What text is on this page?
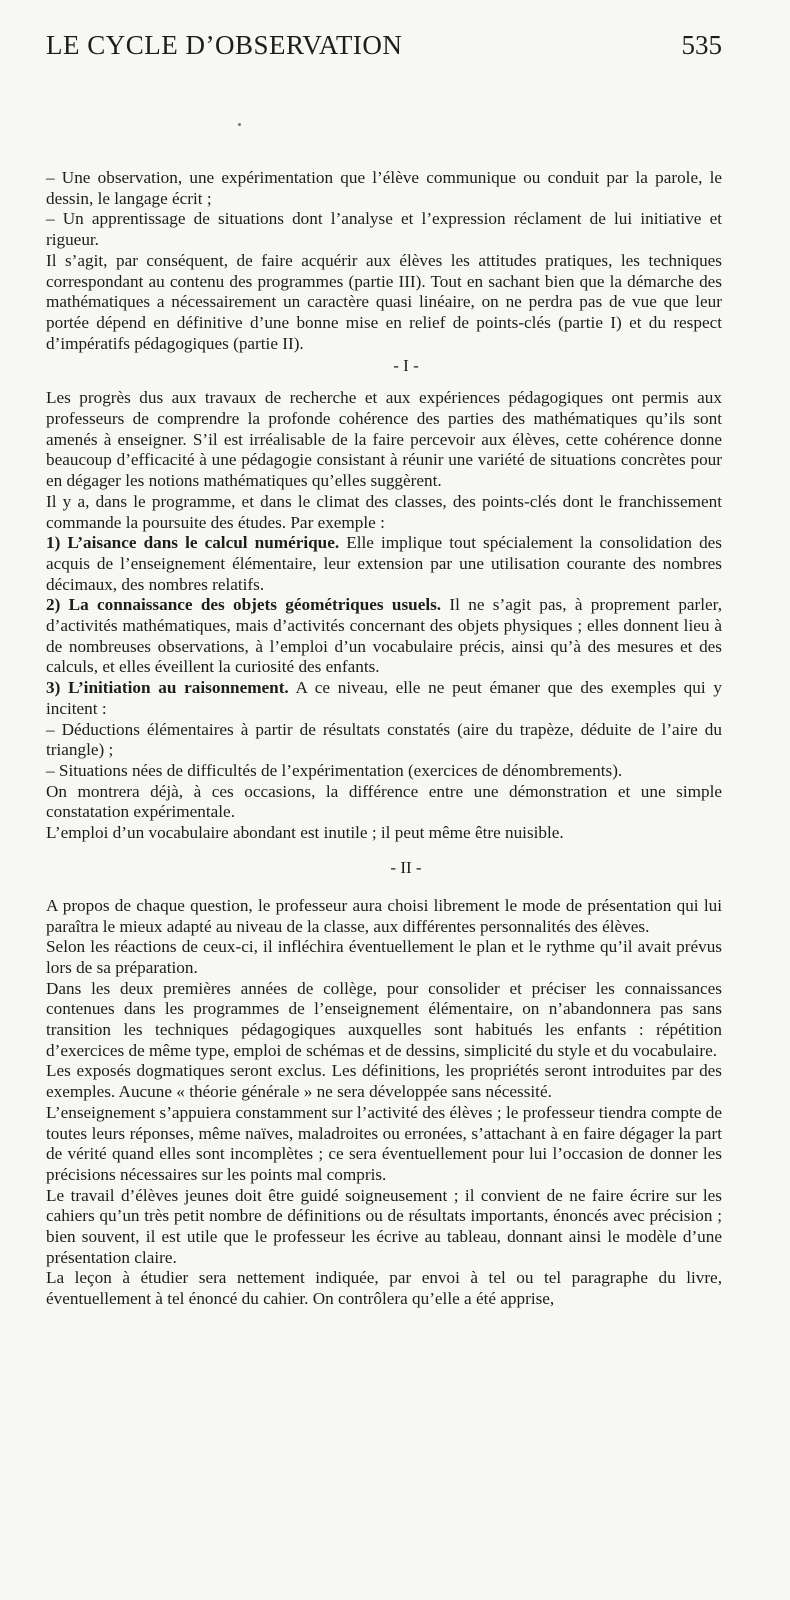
LE CYCLE D’OBSERVATION	535

– Une observation, une expérimentation que l’élève communique ou conduit par la parole, le dessin, le langage écrit ;

– Un apprentissage de situations dont l’analyse et l’expression réclament de lui initiative et rigueur.

Il s’agit, par conséquent, de faire acquérir aux élèves les attitudes pratiques, les techniques correspondant au contenu des programmes (partie III). Tout en sachant bien que la démarche des mathématiques a nécessairement un caractère quasi linéaire, on ne perdra pas de vue que leur portée dépend en définitive d’une bonne mise en relief de points-clés (partie I) et du respect d’impératifs pédagogiques (partie II).

- I -

Les progrès dus aux travaux de recherche et aux expériences pédagogiques ont permis aux professeurs de comprendre la profonde cohérence des parties des mathématiques qu’ils sont amenés à enseigner. S’il est irréalisable de la faire percevoir aux élèves, cette cohérence donne beaucoup d’efficacité à une pédagogie consistant à réunir une variété de situations concrètes pour en dégager les notions mathématiques qu’elles suggèrent.

Il y a, dans le programme, et dans le climat des classes, des points-clés dont le franchissement commande la poursuite des études. Par exemple :

1) L’aisance dans le calcul numérique. Elle implique tout spécialement la consolidation des acquis de l’enseignement élémentaire, leur extension par une utilisation courante des nombres décimaux, des nombres relatifs.

2) La connaissance des objets géométriques usuels. Il ne s’agit pas, à proprement parler, d’activités mathématiques, mais d’activités concernant des objets physiques ; elles donnent lieu à de nombreuses observations, à l’emploi d’un vocabulaire précis, ainsi qu’à des mesures et des calculs, et elles éveillent la curiosité des enfants.

3) L’initiation au raisonnement. A ce niveau, elle ne peut émaner que des exemples qui y incitent :

– Déductions élémentaires à partir de résultats constatés (aire du trapèze, déduite de l’aire du triangle) ;

– Situations nées de difficultés de l’expérimentation (exercices de dénombrements).

On montrera déjà, à ces occasions, la différence entre une démonstration et une simple constatation expérimentale.

L’emploi d’un vocabulaire abondant est inutile ; il peut même être nuisible.

- II -

A propos de chaque question, le professeur aura choisi librement le mode de présentation qui lui paraîtra le mieux adapté au niveau de la classe, aux différentes personnalités des élèves.

Selon les réactions de ceux-ci, il infléchira éventuellement le plan et le rythme qu’il avait prévus lors de sa préparation.

Dans les deux premières années de collège, pour consolider et préciser les connaissances contenues dans les programmes de l’enseignement élémentaire, on n’abandonnera pas sans transition les techniques pédagogiques auxquelles sont habitués les enfants : répétition d’exercices de même type, emploi de schémas et de dessins, simplicité du style et du vocabulaire.

Les exposés dogmatiques seront exclus. Les définitions, les propriétés seront introduites par des exemples. Aucune « théorie générale » ne sera développée sans nécessité.

L’enseignement s’appuiera constamment sur l’activité des élèves ; le professeur tiendra compte de toutes leurs réponses, même naïves, maladroites ou erronées, s’attachant à en faire dégager la part de vérité quand elles sont incomplètes ; ce sera éventuellement pour lui l’occasion de donner les précisions nécessaires sur les points mal compris.

Le travail d’élèves jeunes doit être guidé soigneusement ; il convient de ne faire écrire sur les cahiers qu’un très petit nombre de définitions ou de résultats importants, énoncés avec précision ; bien souvent, il est utile que le professeur les écrive au tableau, donnant ainsi le modèle d’une présentation claire.

La leçon à étudier sera nettement indiquée, par envoi à tel ou tel paragraphe du livre, éventuellement à tel énoncé du cahier. On contrôlera qu’elle a été apprise,
